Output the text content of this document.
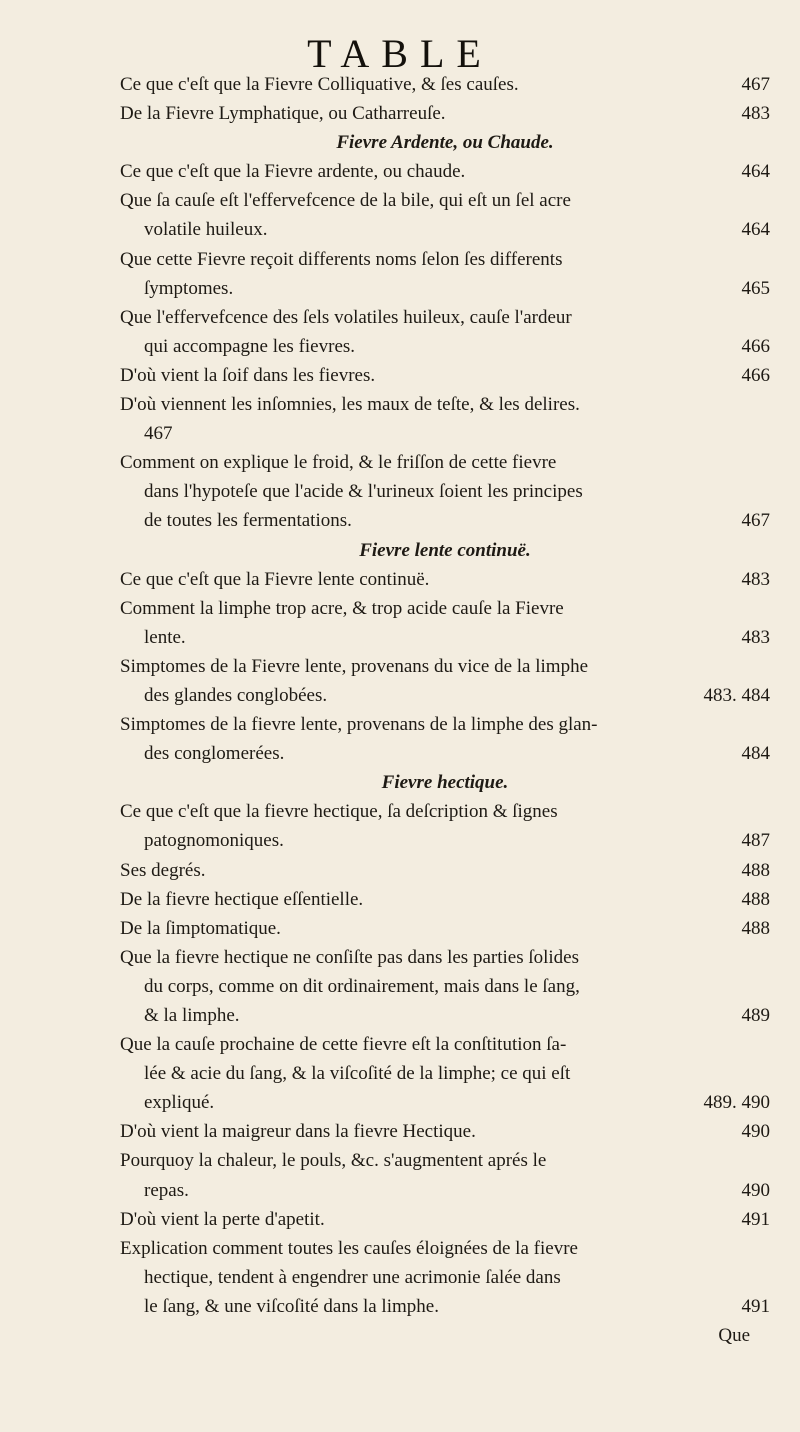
TABLE
Ce que c'eſt que la Fievre Colliquative, & ſes cauſes.	467
De la Fievre Lymphatique, ou Catharreuſe.	483
Fievre Ardente, ou Chaude.
Ce que c'eſt que la Fievre ardente, ou chaude.	464
Que ſa cauſe eſt l'effervefcence de la bile, qui eſt un ſel acre
volatile huileux.	464
Que cette Fievre reçoit differents noms ſelon ſes differents
ſymptomes.	465
Que l'effervefcence des ſels volatiles huileux, cauſe l'ardeur
qui accompagne les fievres.	466
D'où vient la ſoif dans les fievres.	466
D'où viennent les inſomnies, les maux de teſte, & les delires.
467
Comment on explique le froid, & le friſſon de cette fievre
dans l'hypoteſe que l'acide & l'urineux ſoient les principes
de toutes les fermentations.	467
Fievre lente continuë.
Ce que c'eſt que la Fievre lente continuë.	483
Comment la limphe trop acre, & trop acide cauſe la Fievre
lente.	483
Simptomes de la Fievre lente, provenans du vice de la limphe
des glandes conglobées.	483. 484
Simptomes de la fievre lente, provenans de la limphe des glan-
des conglomerées.	484
Fievre hectique.
Ce que c'eſt que la fievre hectique, ſa deſcription & ſignes
patognomoniques.	487
Ses degrés.	488
De la fievre hectique eſſentielle.	488
De la ſimptomatique.	488
Que la fievre hectique ne conſiſte pas dans les parties ſolides
du corps, comme on dit ordinairement, mais dans le ſang,
& la limphe.	489
Que la cauſe prochaine de cette fievre eſt la conſtitution ſa-
lée & acie du ſang, & la viſcoſité de la limphe; ce qui eſt
expliqué.	489. 490
D'où vient la maigreur dans la fievre Hectique.	490
Pourquoy la chaleur, le pouls, &c. s'augmentent aprés le
repas.	490
D'où vient la perte d'apetit.	491
Explication comment toutes les cauſes éloignées de la fievre
hectique, tendent à engendrer une acrimonie ſalée dans
le ſang, & une viſcoſité dans la limphe.	491
Que
